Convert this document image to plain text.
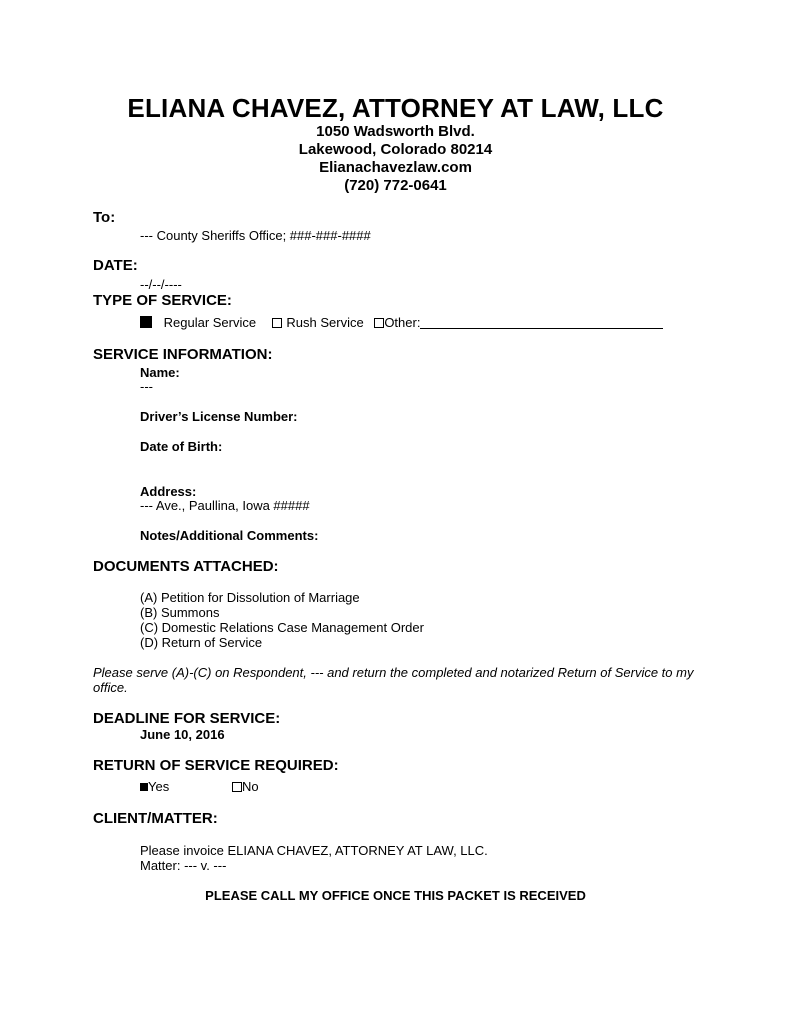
ELIANA CHAVEZ, ATTORNEY AT LAW, LLC
1050 Wadsworth Blvd.
Lakewood, Colorado 80214
Elianachavezlaw.com
(720) 772-0641
To:
--- County Sheriffs Office; ###-###-####
DATE:
--/--/----
TYPE OF SERVICE:
Regular Service Rush Service Other:
SERVICE INFORMATION:
Name:
---
Driver’s License Number:
Date of Birth:
Address:
--- Ave., Paullina, Iowa #####
Notes/Additional Comments:
DOCUMENTS ATTACHED:
(A) Petition for Dissolution of Marriage
(B) Summons
(C) Domestic Relations Case Management Order
(D) Return of Service
Please serve (A)-(C) on Respondent, --- and return the completed and notarized Return of Service to my
office.
DEADLINE FOR SERVICE:
June 10, 2016
RETURN OF SERVICE REQUIRED:
Yes	No
CLIENT/MATTER:
Please invoice ELIANA CHAVEZ, ATTORNEY AT LAW, LLC.
Matter: --- v. ---
PLEASE CALL MY OFFICE ONCE THIS PACKET IS RECEIVED
